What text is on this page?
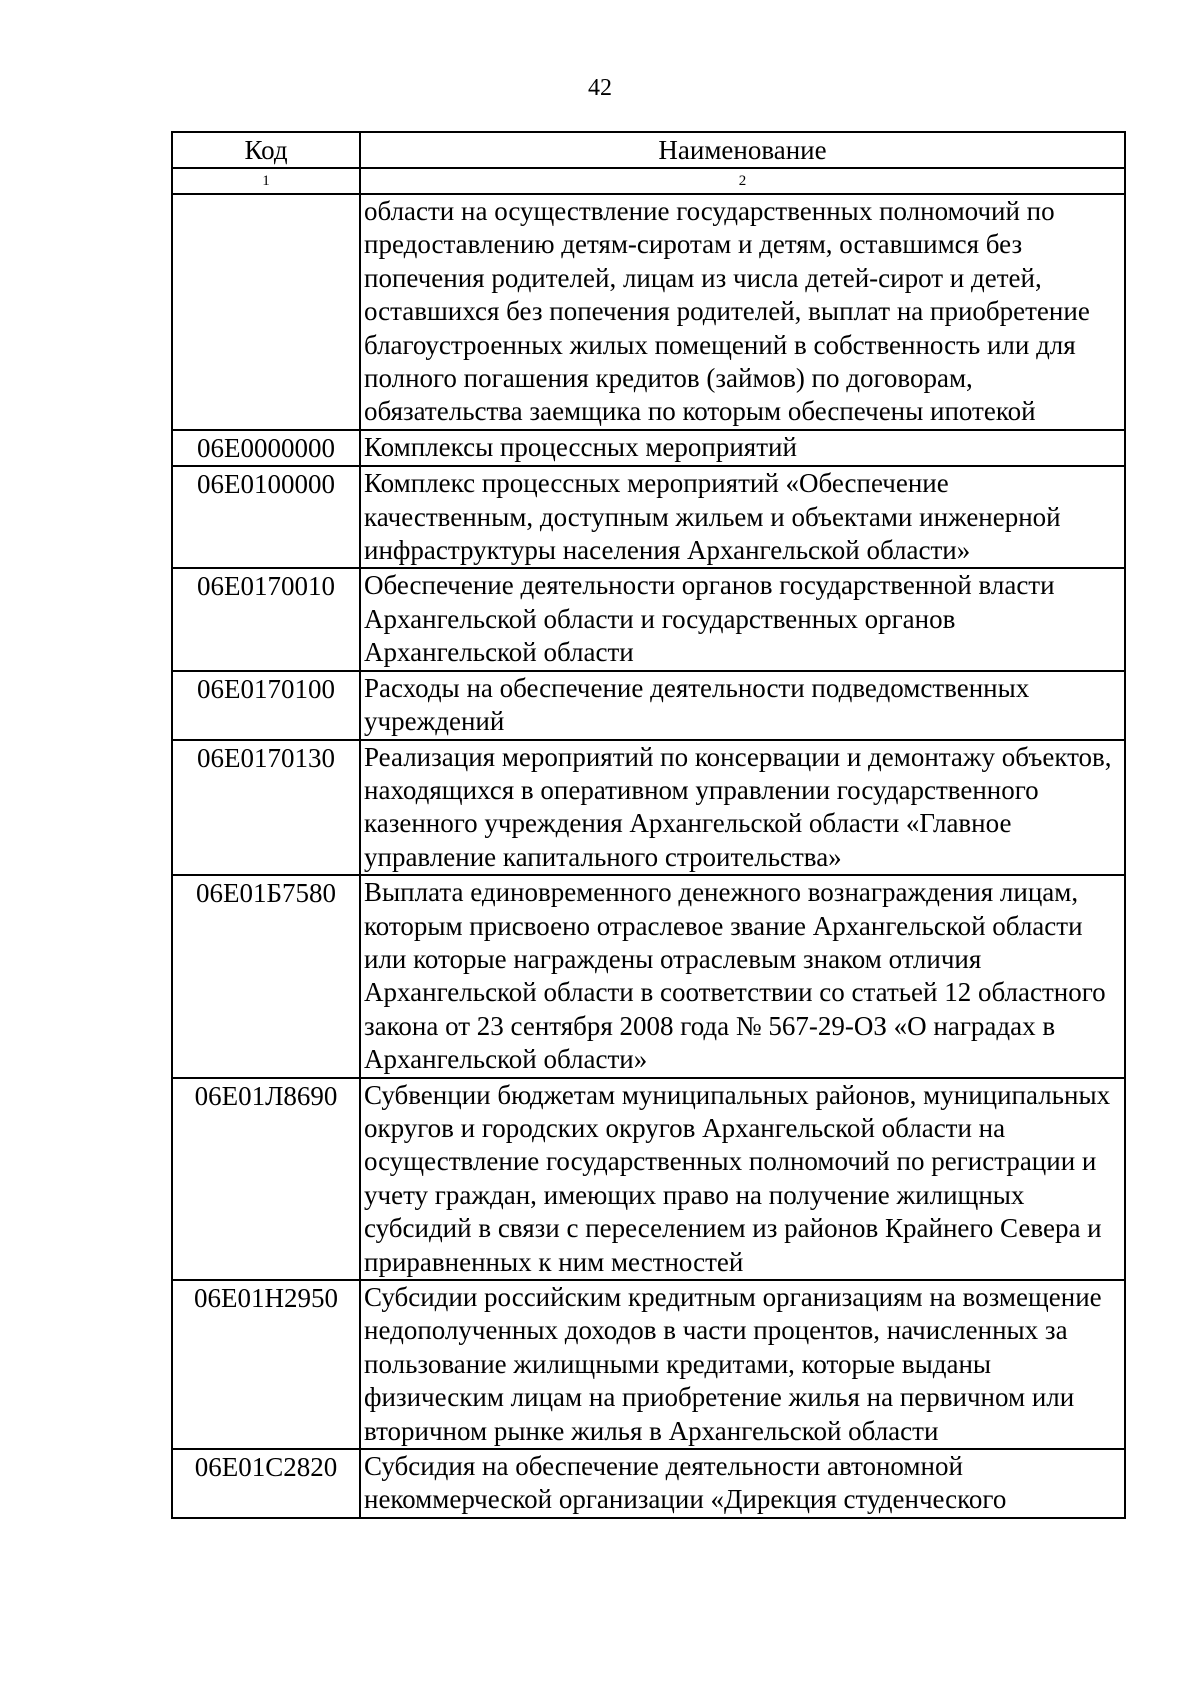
42
Код	Наименование
1	2
	области на осуществление государственных полномочий по предоставлению детям-сиротам и детям, оставшимся без попечения родителей, лицам из числа детей-сирот и детей, оставшихся без попечения родителей, выплат на приобретение благоустроенных жилых помещений в собственность или для полного погашения кредитов (займов) по договорам, обязательства заемщика по которым обеспечены ипотекой
06Е0000000	Комплексы процессных мероприятий
06Е0100000	Комплекс процессных мероприятий «Обеспечение качественным, доступным жильем и объектами инженерной инфраструктуры населения Архангельской области»
06Е0170010	Обеспечение деятельности органов государственной власти Архангельской области и государственных органов Архангельской области
06Е0170100	Расходы на обеспечение деятельности подведомственных учреждений
06Е0170130	Реализация мероприятий по консервации и демонтажу объектов, находящихся в оперативном управлении государственного казенного учреждения Архангельской области «Главное управление капитального строительства»
06Е01Б7580	Выплата единовременного денежного вознаграждения лицам, которым присвоено отраслевое звание Архангельской области или которые награждены отраслевым знаком отличия Архангельской области в соответствии со статьей 12 областного закона от 23 сентября 2008 года № 567-29-ОЗ «О наградах в Архангельской области»
06Е01Л8690	Субвенции бюджетам муниципальных районов, муниципальных округов и городских округов Архангельской области на осуществление государственных полномочий по регистрации и учету граждан, имеющих право на получение жилищных субсидий в связи с переселением из районов Крайнего Севера и приравненных к ним местностей
06Е01Н2950	Субсидии российским кредитным организациям на возмещение недополученных доходов в части процентов, начисленных за пользование жилищными кредитами, которые выданы физическим лицам на приобретение жилья на первичном или вторичном рынке жилья в Архангельской области
06Е01С2820	Субсидия на обеспечение деятельности автономной некоммерческой организации «Дирекция студенческого
